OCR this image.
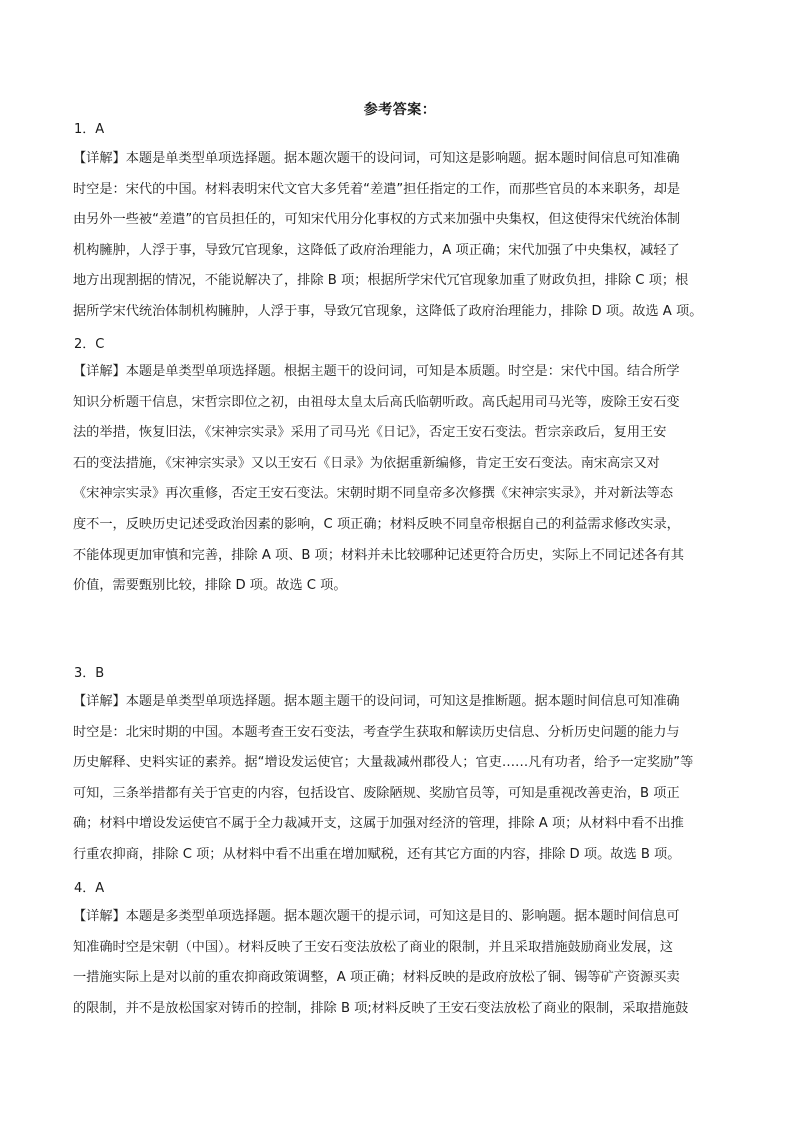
参考答案：
1．A
【详解】本题是单类型单项选择题。据本题次题干的设问词，可知这是影响题。据本题时间信息可知准确
时空是：宋代的中国。材料表明宋代文官大多凭着“差遣”担任指定的工作，而那些官员的本来职务，却是
由另外一些被“差遣”的官员担任的，可知宋代用分化事权的方式来加强中央集权，但这使得宋代统治体制
机构臃肿，人浮于事，导致冗官现象，这降低了政府治理能力，A 项正确；宋代加强了中央集权，减轻了
地方出现割据的情况，不能说解决了，排除 B 项；根据所学宋代冗官现象加重了财政负担，排除 C 项；根
据所学宋代统治体制机构臃肿，人浮于事，导致冗官现象，这降低了政府治理能力，排除 D 项。故选 A 项。
2．C
【详解】本题是单类型单项选择题。根据主题干的设问词，可知是本质题。时空是：宋代中国。结合所学
知识分析题干信息，宋哲宗即位之初，由祖母太皇太后高氏临朝听政。高氏起用司马光等，废除王安石变
法的举措，恢复旧法，《宋神宗实录》采用了司马光《日记》，否定王安石变法。哲宗亲政后，复用王安
石的变法措施，《宋神宗实录》又以王安石《日录》为依据重新编修，肯定王安石变法。南宋高宗又对
《宋神宗实录》再次重修，否定王安石变法。宋朝时期不同皇帝多次修撰《宋神宗实录》，并对新法等态
度不一，反映历史记述受政治因素的影响，C 项正确；材料反映不同皇帝根据自己的利益需求修改实录，
不能体现更加审慎和完善，排除 A 项、B 项；材料并未比较哪种记述更符合历史，实际上不同记述各有其
价值，需要甄别比较，排除 D 项。故选 C 项。
3．B
【详解】本题是单类型单项选择题。据本题主题干的设问词，可知这是推断题。据本题时间信息可知准确
时空是：北宋时期的中国。本题考查王安石变法，考查学生获取和解读历史信息、分析历史问题的能力与
历史解释、史料实证的素养。据“增设发运使官；大量裁减州郡役人；官吏……凡有功者，给予一定奖励”等
可知，三条举措都有关于官吏的内容，包括设官、废除陋规、奖励官员等，可知是重视改善吏治，B 项正
确；材料中增设发运使官不属于全力裁减开支，这属于加强对经济的管理，排除 A 项；从材料中看不出推
行重农抑商，排除 C 项；从材料中看不出重在增加赋税，还有其它方面的内容，排除 D 项。故选 B 项。
4．A
【详解】本题是多类型单项选择题。据本题次题干的提示词，可知这是目的、影响题。据本题时间信息可
知准确时空是宋朝（中国）。材料反映了王安石变法放松了商业的限制，并且采取措施鼓励商业发展，这
一措施实际上是对以前的重农抑商政策调整，A 项正确；材料反映的是政府放松了铜、锡等矿产资源买卖
的限制，并不是放松国家对铸币的控制，排除 B 项;材料反映了王安石变法放松了商业的限制，采取措施鼓
